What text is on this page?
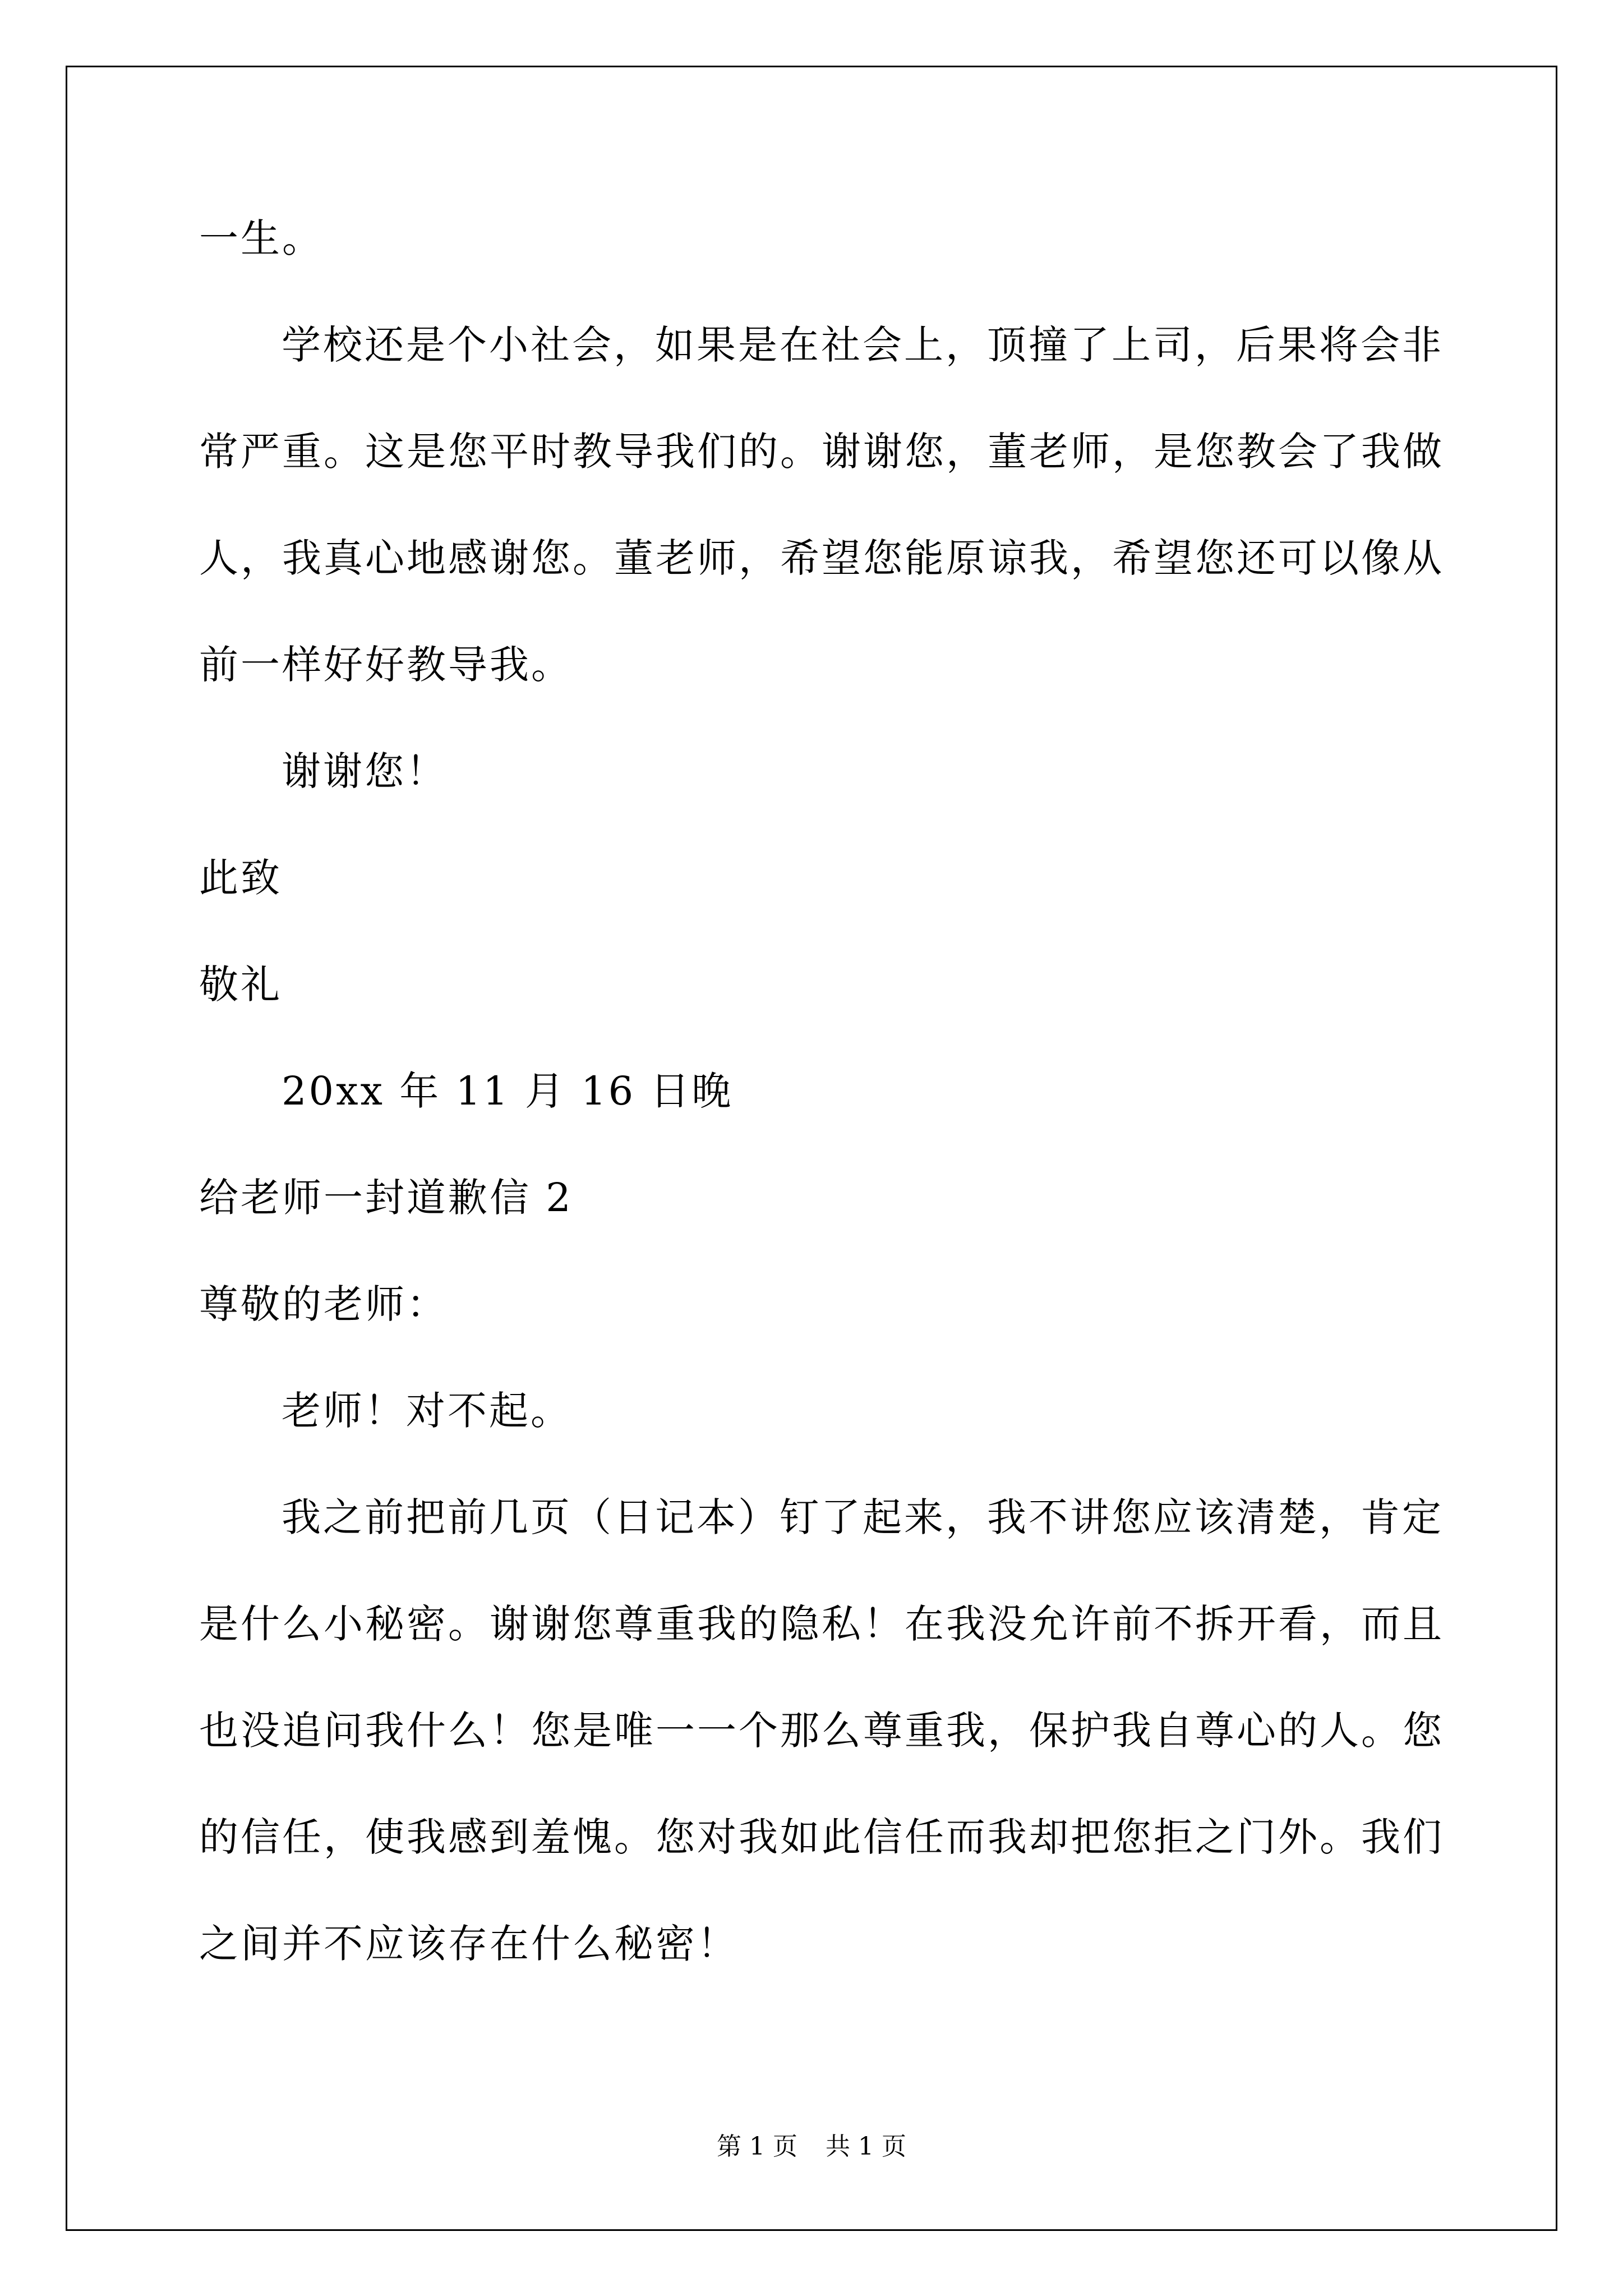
一生。
学校还是个小社会，如果是在社会上，顶撞了上司，后果将会非
常严重。这是您平时教导我们的。谢谢您，董老师，是您教会了我做
人，我真心地感谢您。董老师，希望您能原谅我，希望您还可以像从
前一样好好教导我。
谢谢您！
此致
敬礼
20xx 年 11 月 16 日晚
给老师一封道歉信 2
尊敬的老师：
老师！对不起。
我之前把前几页（日记本）钉了起来，我不讲您应该清楚，肯定
是什么小秘密。谢谢您尊重我的隐私！在我没允许前不拆开看，而且
也没追问我什么！您是唯一一个那么尊重我，保护我自尊心的人。您
的信任，使我感到羞愧。您对我如此信任而我却把您拒之门外。我们
之间并不应该存在什么秘密！
第 1 页 共 1 页
